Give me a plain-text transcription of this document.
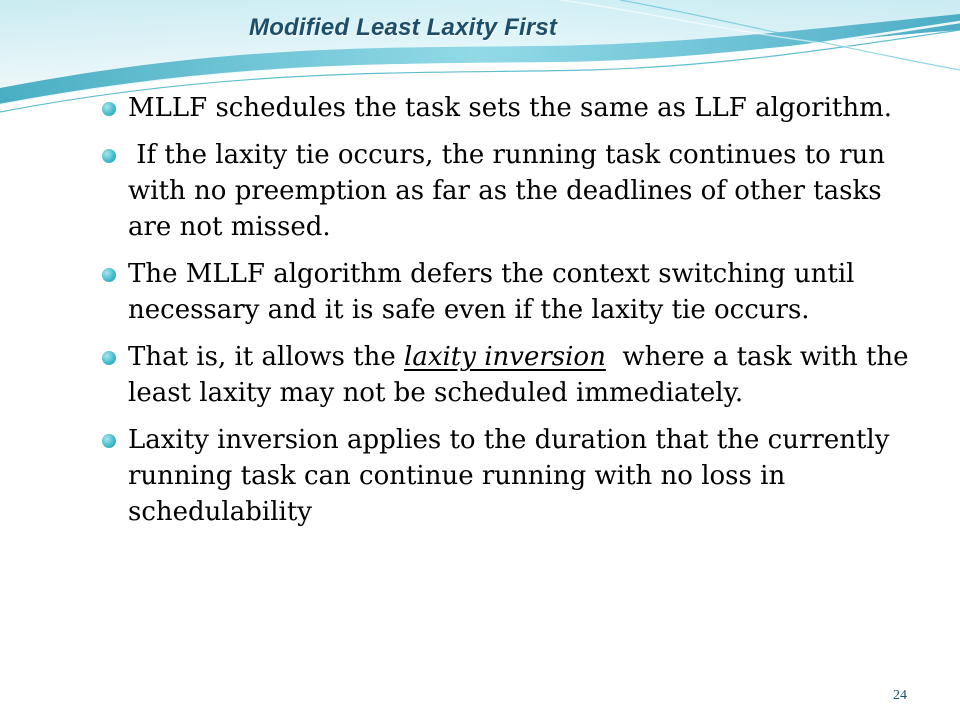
Modified Least Laxity First
MLLF schedules the task sets the same as LLF algorithm.
If the laxity tie occurs, the running task continues to run with no preemption as far as the deadlines of other tasks are not missed.
The MLLF algorithm defers the context switching until necessary and it is safe even if the laxity tie occurs.
That is, it allows the laxity inversion  where a task with the least laxity may not be scheduled immediately.
Laxity inversion applies to the duration that the currently running task can continue running with no loss in schedulability
24
